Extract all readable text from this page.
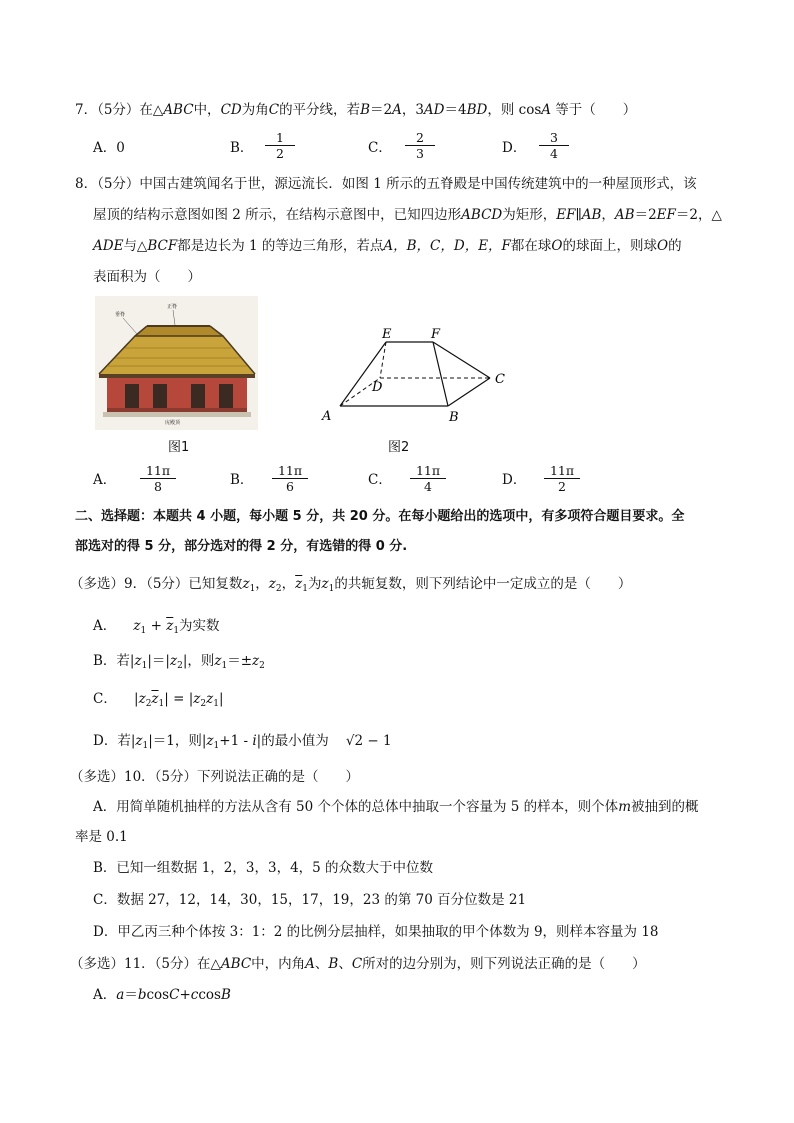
7．（5分）在△ABC中，CD为角C的平分线，若B＝2A，3AD＝4BD，则 cosA 等于（　　）
A．0	B． $\frac{1}{2}$	C． $\frac{2}{3}$	D． $\frac{3}{4}$
8．（5分）中国古建筑闻名于世，源远流长．如图 1 所示的五脊殿是中国传统建筑中的一种屋顶形式，该
屋顶的结构示意图如图 2 所示，在结构示意图中，已知四边形ABCD为矩形，EF∥AB，AB＝2EF＝2，△
ADE与△BCF都是边长为 1 的等边三角形，若点A，B，C，D，E，F都在球O的球面上，则球O的
表面积为（　　）
垂脊
正脊
庑殿顶
图1
E	F
D
C
A	B
图2
A． $\frac{11\pi}{8}$	B． $\frac{11\pi}{6}$	C． $\frac{11\pi}{4}$	D． $\frac{11\pi}{2}$
二、选择题：本题共 4 小题，每小题 5 分，共 20 分。在每小题给出的选项中，有多项符合题目要求。全
部选对的得 5 分，部分选对的得 2 分，有选错的得 0 分.
（多选）9．（5分）已知复数$z_1$，$z_2$，$\overline{z}_1$为$z_1$的共轭复数，则下列结论中一定成立的是（　　）
A． $z_1 + \overline{z}_1$为实数
B．若$|z_1|=|z_2|$，则$z_1=\pm z_2$
C．    $|z_2\overline{z}_1| = |z_2z_1|$
D．若$|z_1|=1$，则$|z_1+1 - i|$的最小值为 √2 − 1
（多选）10．（5分）下列说法正确的是（　　）
A．用简单随机抽样的方法从含有 50 个个体的总体中抽取一个容量为 5 的样本，则个体m被抽到的概
率是 0.1
B．已知一组数据 1，2，3，3，4，5 的众数大于中位数
C．数据 27，12，14，30，15，17，19，23 的第 70 百分位数是 21
D．甲乙丙三种个体按 3：1：2 的比例分层抽样，如果抽取的甲个体数为 9，则样本容量为 18
（多选）11．（5分）在△ABC中，内角A、B、C所对的边分别为，则下列说法正确的是（　　）
A．a＝bcosC+ccosB
